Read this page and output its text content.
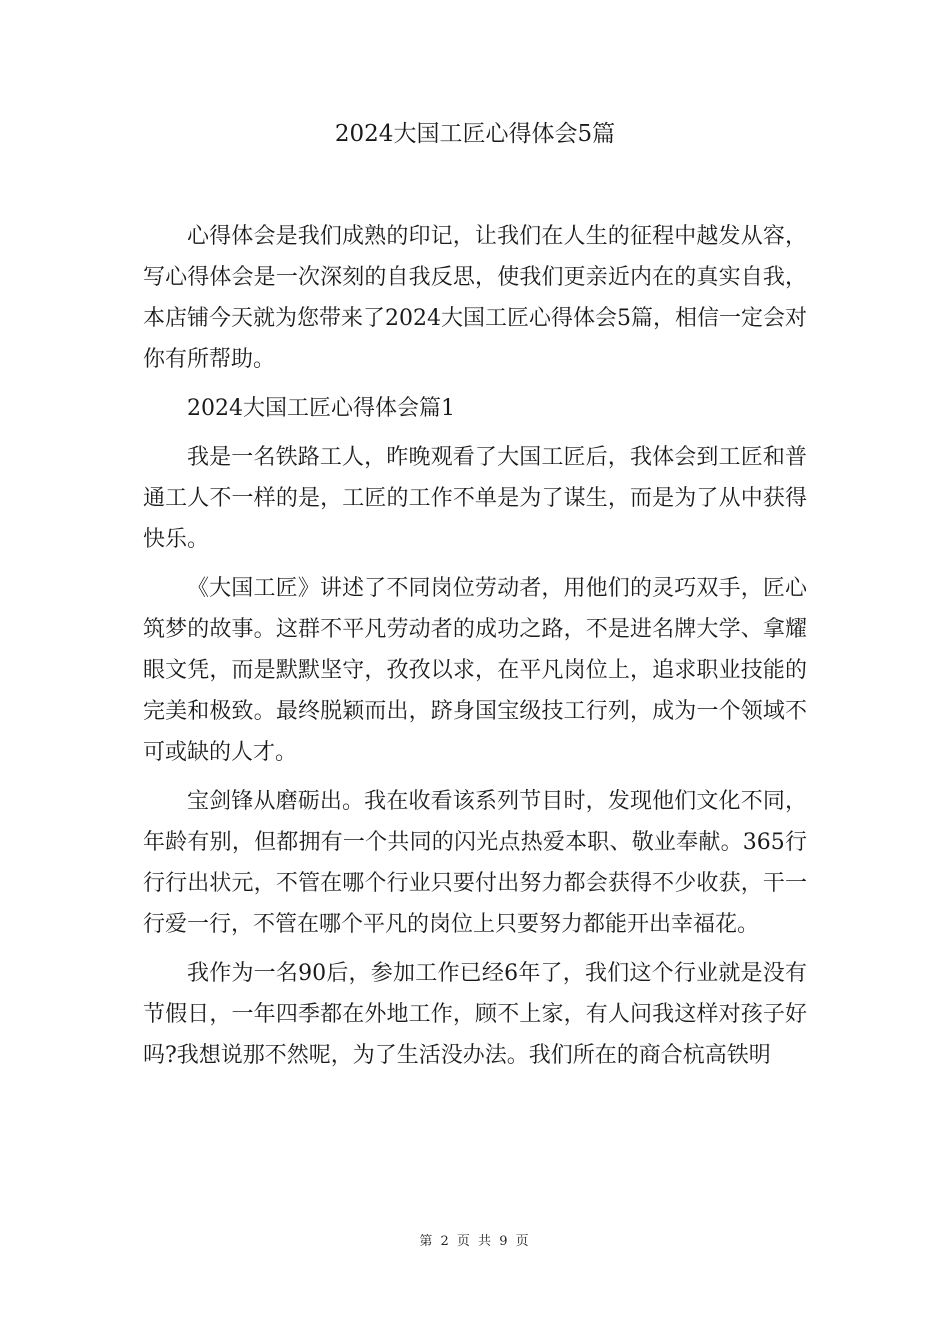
2024大国工匠心得体会5篇

心得体会是我们成熟的印记，让我们在人生的征程中越发从容，写心得体会是一次深刻的自我反思，使我们更亲近内在的真实自我，本店铺今天就为您带来了2024大国工匠心得体会5篇，相信一定会对你有所帮助。

2024大国工匠心得体会篇1

我是一名铁路工人，昨晚观看了大国工匠后，我体会到工匠和普通工人不一样的是，工匠的工作不单是为了谋生，而是为了从中获得快乐。

《大国工匠》讲述了不同岗位劳动者，用他们的灵巧双手，匠心筑梦的故事。这群不平凡劳动者的成功之路，不是进名牌大学、拿耀眼文凭，而是默默坚守，孜孜以求，在平凡岗位上，追求职业技能的完美和极致。最终脱颖而出，跻身国宝级技工行列，成为一个领域不可或缺的人才。

宝剑锋从磨砺出。我在收看该系列节目时，发现他们文化不同，年龄有别，但都拥有一个共同的闪光点热爱本职、敬业奉献。365行行行出状元，不管在哪个行业只要付出努力都会获得不少收获，干一行爱一行，不管在哪个平凡的岗位上只要努力都能开出幸福花。

我作为一名90后，参加工作已经6年了，我们这个行业就是没有节假日，一年四季都在外地工作，顾不上家，有人问我这样对孩子好吗?我想说那不然呢，为了生活没办法。我们所在的商合杭高铁明

第 2 页 共 9 页
